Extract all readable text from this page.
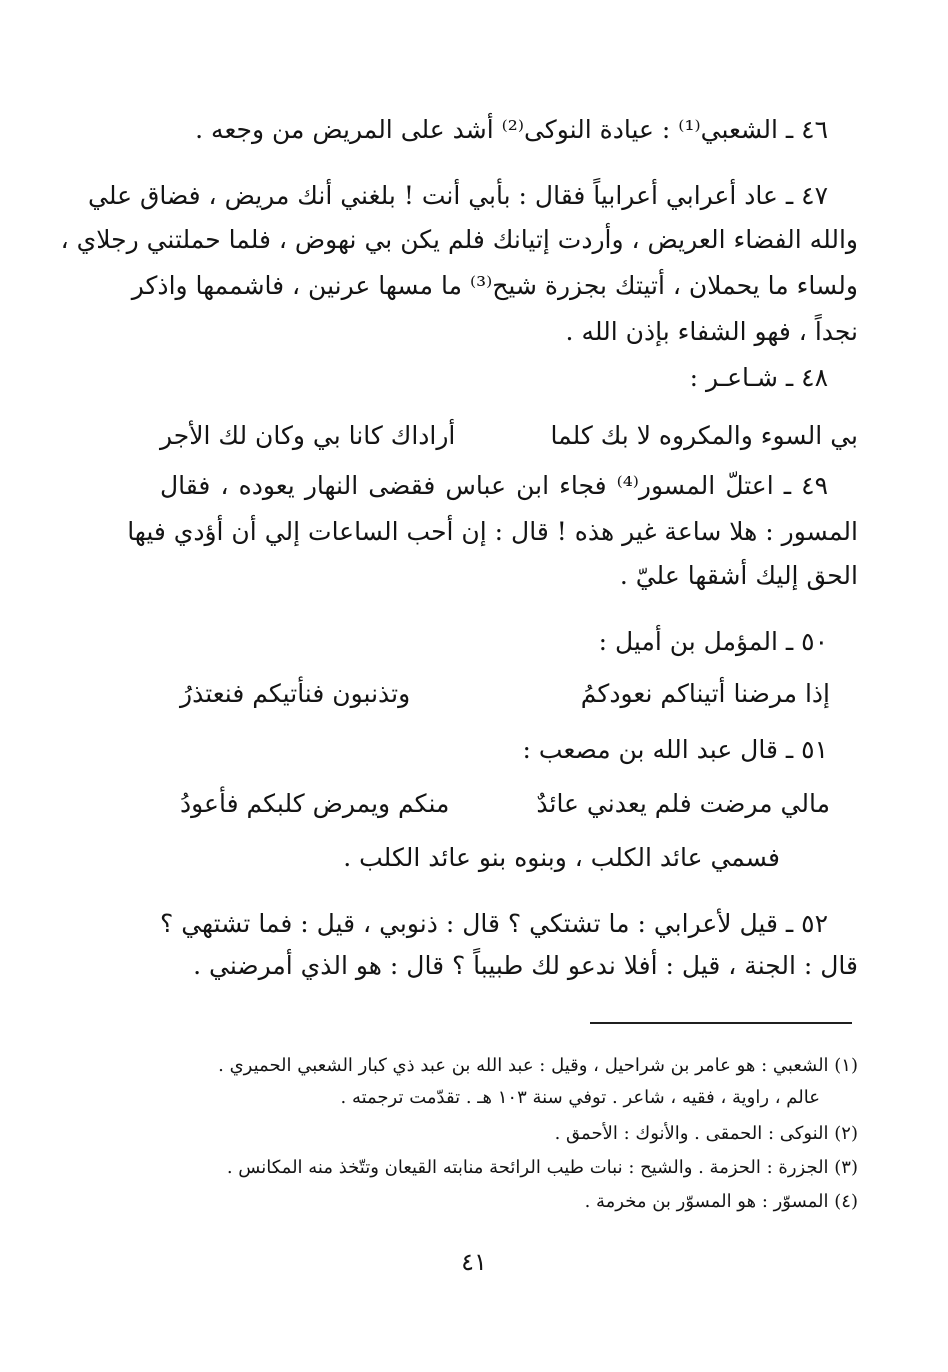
٤٦ ـ الشعبي⁽¹⁾ : عيادة النوكى⁽²⁾ أشد على المريض من وجعه .
٤٧ ـ عاد أعرابي أعرابياً فقال : بأبي أنت ! بلغني أنك مريض ، فضاق علي
والله الفضاء العريض ، وأردت إتيانك فلم يكن بي نهوض ، فلما حملتني رجلاي ،
ولساء ما يحملان ، أتيتك بجزرة شيح⁽³⁾ ما مسها عرنين ، فاشممها واذكر
نجداً ، فهو الشفاء بإذن الله .
٤٨ ـ شـاعـر :
بي السوء والمكروه لا بك كلما
أراداك كانا بي وكان لك الأجر
٤٩ ـ اعتلّ المسور⁽⁴⁾ فجاء ابن عباس فقضى النهار يعوده ، فقال
المسور : هلا ساعة غير هذه ! قال : إن أحب الساعات إلي أن أؤدي فيها
الحق إليك أشقها عليّ .
٥٠ ـ المؤمل بن أميل :
إذا مرضنا أتيناكم نعودكمُ
وتذنبون فنأتيكم فنعتذرُ
٥١ ـ قال عبد الله بن مصعب :
مالي مرضت فلم يعدني عائدٌ
منكم ويمرض كلبكم فأعودُ
فسمي عائد الكلب ، وبنوه بنو عائد الكلب .
٥٢ ـ قيل لأعرابي : ما تشتكي ؟ قال : ذنوبي ، قيل : فما تشتهي ؟
قال : الجنة ، قيل : أفلا ندعو لك طبيباً ؟ قال : هو الذي أمرضني .
(١) الشعبي : هو عامر بن شراحيل ، وقيل : عبد الله بن عبد ذي كبار الشعبي الحميري .
عالم ، راوية ، فقيه ، شاعر . توفي سنة ١٠٣ هـ . تقدّمت ترجمته .
(٢) النوكى : الحمقى . والأنوك : الأحمق .
(٣) الجزرة : الحزمة . والشيح : نبات طيب الرائحة منابته القيعان وتتّخذ منه المكانس .
(٤) المسوّر : هو المسوّر بن مخرمة .
٤١
